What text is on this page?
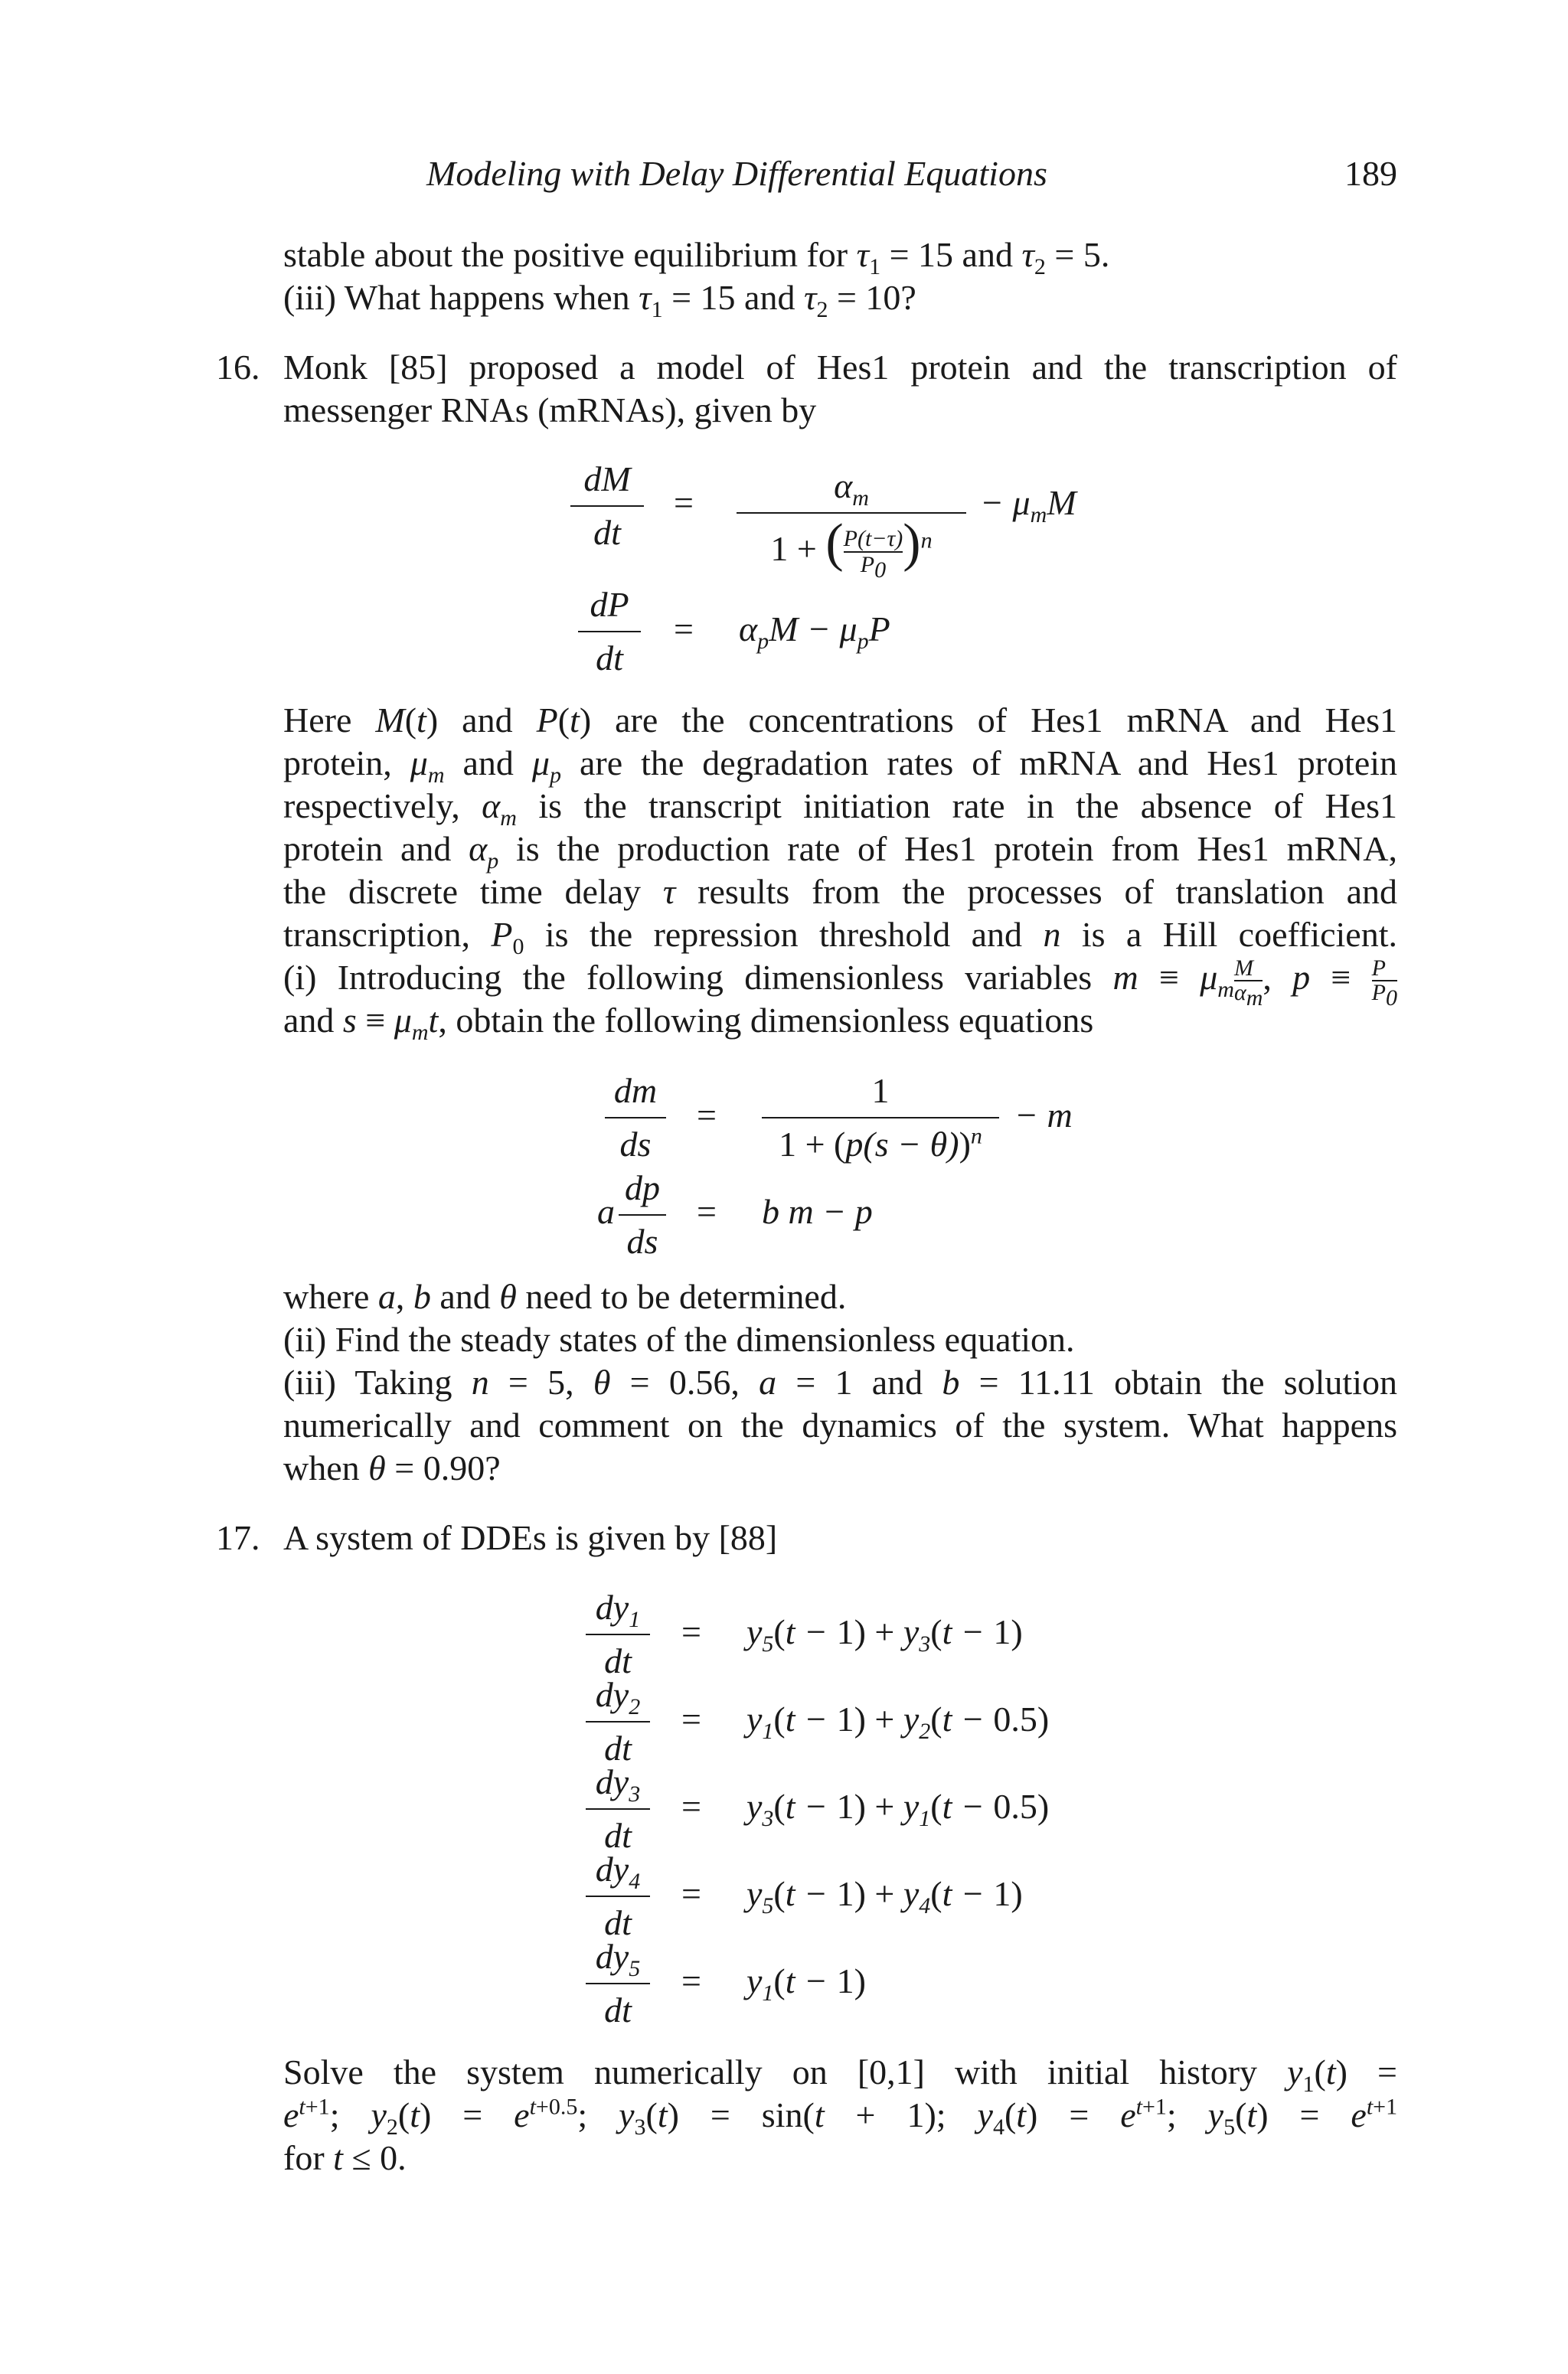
Modeling with Delay Differential Equations	189
stable about the positive equilibrium for $\tau_1 = 15$ and $\tau_2 = 5$.
(iii) What happens when $\tau_1 = 15$ and $\tau_2 = 10$?
16. Monk [85] proposed a model of Hes1 protein and the transcription of
messenger RNAs (mRNAs), given by
dM
dt
=	$\alpha_m$
1 + ( $\frac{P(t-\tau)}{P_0} )^n$
− $\mu_mM$
dP
dt
= $\alpha_pM - \mu_pP$
Here M(t) and P(t) are the concentrations of Hes1 mRNA and Hes1
protein, $\mu_m$ and $\mu_p$ are the degradation rates of mRNA and Hes1 protein
respectively, $\alpha_m$ is the transcript initiation rate in the absence of Hes1
protein and $\alpha_p$ is the production rate of Hes1 protein from Hes1 mRNA,
the discrete time delay τ results from the processes of translation and
transcription, $P_0$ is the repression threshold and n is a Hill coefficient.
(i) Introducing the following dimensionless variables $m \equiv \mu_m \frac{M}{\alpha_m}$ , $p \equiv \frac{P}{P_0}$
and $s \equiv \mu_mt$, obtain the following dimensionless equations
dm
ds
=
1
$1 + (p(s - \theta))^n$
− m
a
dp
ds
= b m − p
where a, b and θ need to be determined.
(ii) Find the steady states of the dimensionless equation.
(iii) Taking n = 5, θ = 0.56, a = 1 and b = 11.11 obtain the solution
numerically and comment on the dynamics of the system. What happens
when θ = 0.90?
17. A system of DDEs is given by [88]
$dy_1$
dt
= $y_5(t - 1) + y_3(t - 1)$
$dy_2$
dt
= $y_1(t - 1) + y_2(t - 0.5)$
$dy_3$
dt
= $y_3(t - 1) + y_1(t - 0.5)$
$dy_4$
dt
= $y_5(t - 1) + y_4(t - 1)$
$dy_5$
dt
= $y_1(t - 1)$
Solve the system numerically on [0,1] with initial history $y_1(t)$ =
$e^{t+1}$; $y_2(t) = e^{t+0.5}$; $y_3(t) = \sin(t + 1)$; $y_4(t) = e^{t+1}$; $y_5(t) = e^{t+1}$
for t ≤ 0.
